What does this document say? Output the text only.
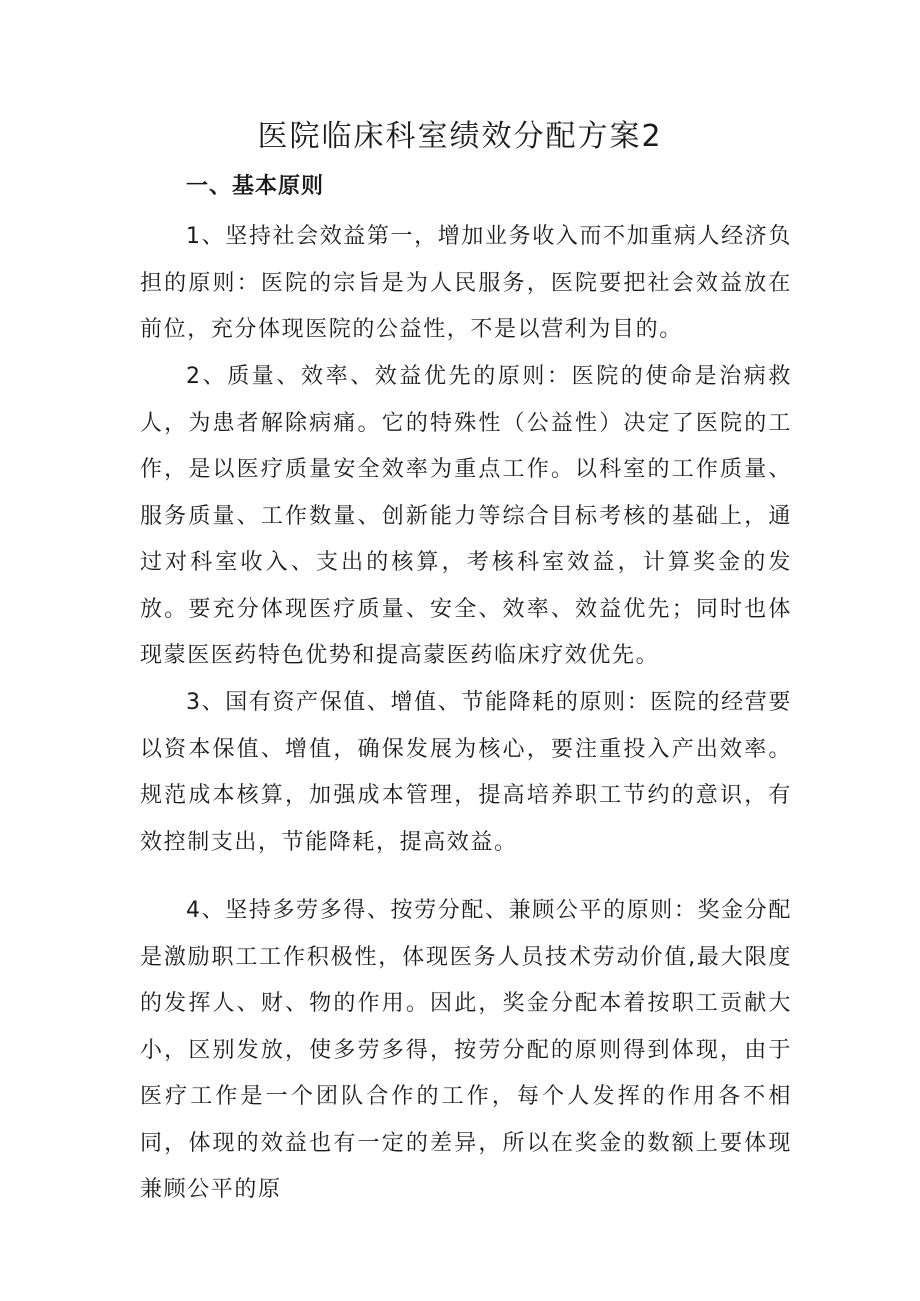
医院临床科室绩效分配方案2
一、基本原则

1、坚持社会效益第一，增加业务收入而不加重病人经济负担的原则：医院的宗旨是为人民服务，医院要把社会效益放在前位，充分体现医院的公益性，不是以营利为目的。

2、质量、效率、效益优先的原则：医院的使命是治病救人，为患者解除病痛。它的特殊性（公益性）决定了医院的工作，是以医疗质量安全效率为重点工作。以科室的工作质量、服务质量、工作数量、创新能力等综合目标考核的基础上，通过对科室收入、支出的核算，考核科室效益，计算奖金的发放。要充分体现医疗质量、安全、效率、效益优先；同时也体现蒙医医药特色优势和提高蒙医药临床疗效优先。

3、国有资产保值、增值、节能降耗的原则：医院的经营要以资本保值、增值，确保发展为核心，要注重投入产出效率。规范成本核算，加强成本管理，提高培养职工节约的意识，有效控制支出，节能降耗，提高效益。

4、坚持多劳多得、按劳分配、兼顾公平的原则：奖金分配是激励职工工作积极性，体现医务人员技术劳动价值,最大限度的发挥人、财、物的作用。因此，奖金分配本着按职工贡献大小，区别发放，使多劳多得，按劳分配的原则得到体现，由于医疗工作是一个团队合作的工作，每个人发挥的作用各不相同，体现的效益也有一定的差异，所以在奖金的数额上要体现兼顾公平的原
